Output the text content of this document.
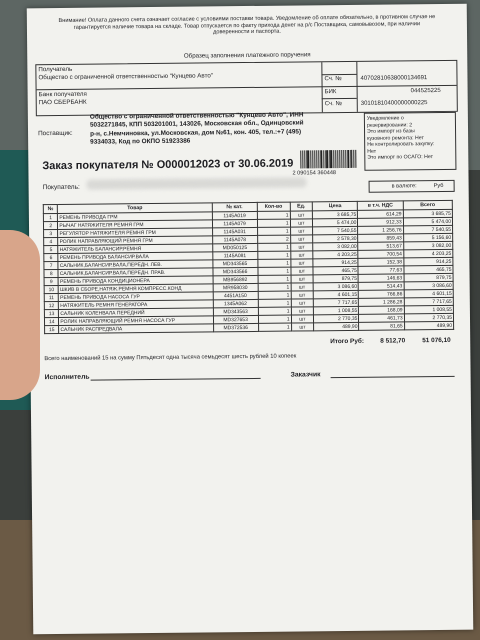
Внимание! Оплата данного счета означает согласие с условиями поставки товара. Уведомление об оплате обязательно, в противном случае не гарантируется наличие товара на складе. Товар отпускается по факту прихода денег на р/с Поставщика, самовывозом, при наличии доверенности и паспорта.
Образец заполнения платежного поручения
Получатель
Общество с ограниченной ответственностью "Кунцево Авто"
Банк получателя
ПАО СБЕРБАНК
Сч. №	40702810638000134691
БИК	044525225
Сч. №	30101810400000000225
Поставщик:
Общество с ограниченной ответственностью "Кунцево Авто", ИНН
5032271845, КПП 503201001, 143026, Московская обл., Одинцовский
р-н, с.Немчиновка, ул.Московская, дом №61, кон. 405, тел.:+7 (495)
9334033, Код по ОКПО 51923386
Уведомление о
резервировании: 2
Это импорт из базы
кузовного ремонта: Нет
Не контролировать закупку:
Нет
Это импорт по ОСАГО: Нет
Заказ покупателя № О000012023 от 30.06.2019
2 090154 360448
Покупатель:	в валюте:	Руб
№	Товар	№ кат.	Кол-во	Ед.	Цена	в т.ч. НДС	Всего
1	РЕМЕНЬ ПРИВОДА ГРМ	1145A019	1	шт	3 685,75	614,29	3 685,75
2	РЫЧАГ НАТЯЖИТЕЛЯ РЕМНЯ ГРМ	1145A079	1	шт	5 474,00	912,33	5 474,00
3	РЕГУЛЯТОР НАТЯЖИТЕЛЯ РЕМНЯ ГРМ	1145A031	1	шт	7 540,55	1 256,76	7 540,55
4	РОЛИК НАПРАВЛЯЮЩИЙ РЕМНЯ ГРМ	1145A078	2	шт	2 578,30	859,43	5 156,60
5	НАТЯЖИТЕЛЬ БАЛАНСИР.РЕМНЯ	MD050125	1	шт	3 082,00	513,67	3 082,00
6	РЕМЕНЬ ПРИВОДА БАЛАНСИР.ВАЛА	1145A081	1	шт	4 203,25	700,54	4 203,25
7	САЛЬНИК,БАЛАНСИР.ВАЛА,ПЕРЕДН. ЛЕВ.	MD343565	1	шт	914,25	152,38	914,25
8	САЛЬНИК,БАЛАНСИР.ВАЛА,ПЕРЕДН. ПРАВ.	MD343566	1	шт	465,75	77,63	465,75
9	РЕМЕНЬ ПРИВОДА КОНДИЦИОНЕРА	MB956892	1	шт	879,75	146,63	879,75
10	ШКИВ В СБОРЕ,НАТЯЖ.РЕМНЯ КОМПРЕСС.КОНД	MR958030	1	шт	3 086,60	514,43	3 086,60
11	РЕМЕНЬ ПРИВОДА НАСОСА ГУР	4451A150	1	шт	4 601,15	766,86	4 601,15
12	НАТЯЖИТЕЛЬ РЕМНЯ ГЕНЕРАТОРА	1345A062	1	шт	7 717,65	1 286,28	7 717,65
13	САЛЬНИК КОЛЕНВАЛА ПЕРЕДНИЙ	MD343563	1	шт	1 008,55	168,09	1 008,55
14	РОЛИК НАПРАВЛЯЮЩИЙ РЕМНЯ НАСОСА ГУР	MD327653	1	шт	2 770,35	461,73	2 770,35
15	САЛЬНИК РАСПРЕДВАЛА	MD372536	1	шт	489,90	81,65	489,90
Итого Руб:	8 512,70	51 076,10
Всего наименований 15 на сумму Пятьдесят одна тысяча семьдесят шесть рублей 10 копеек
Исполнитель	Заказчик
